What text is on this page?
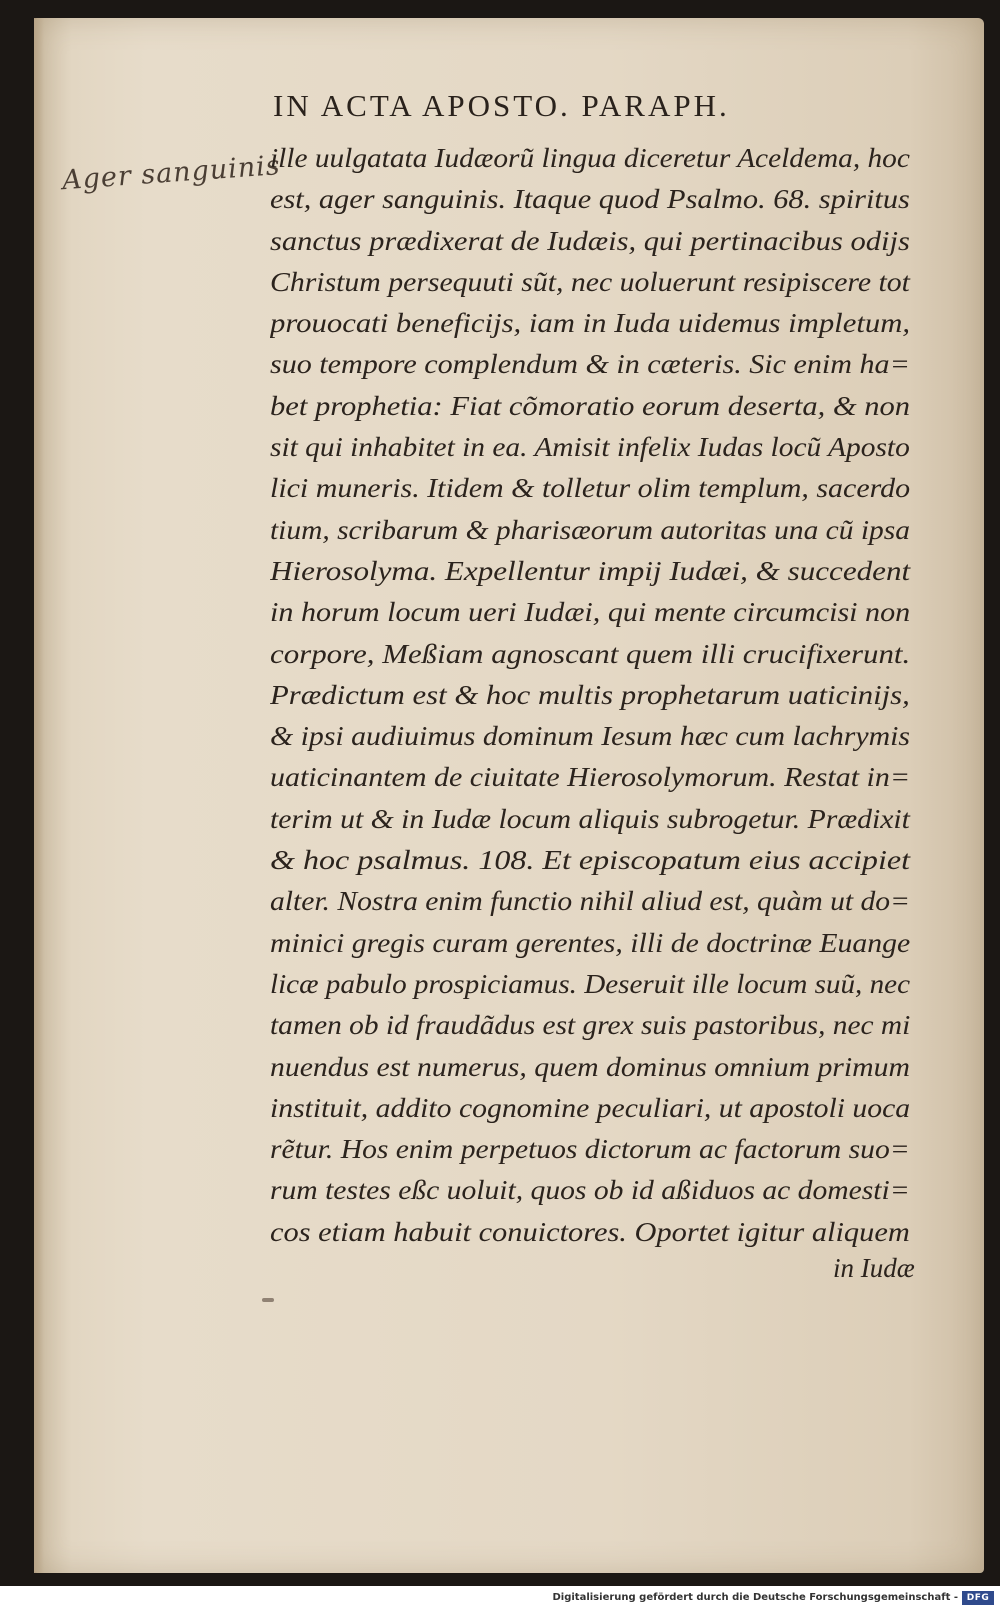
IN ACTA APOSTO. PARAPH.
Ager sanguinis
ille uulgatata Iudæorũ lingua diceretur Aceldema, hoc
est, ager sanguinis. Itaque quod Psalmo. 68. spiritus
sanctus prædixerat de Iudæis, qui pertinacibus odijs
Christum persequuti sũt, nec uoluerunt resipiscere tot
prouocati beneficijs, iam in Iuda uidemus impletum,
suo tempore complendum & in cæteris. Sic enim ha=
bet prophetia: Fiat cõmoratio eorum deserta, & non
sit qui inhabitet in ea. Amisit infelix Iudas locũ Aposto
lici muneris. Itidem & tolletur olim templum, sacerdo
tium, scribarum & pharisæorum autoritas una cũ ipsa
Hierosolyma. Expellentur impij Iudæi, & succedent
in horum locum ueri Iudæi, qui mente circumcisi non
corpore, Meßiam agnoscant quem illi crucifixerunt.
Prædictum est & hoc multis prophetarum uaticinijs,
& ipsi audiuimus dominum Iesum hæc cum lachrymis
uaticinantem de ciuitate Hierosolymorum. Restat in=
terim ut & in Iudæ locum aliquis subrogetur. Prædixit
& hoc psalmus. 108. Et episcopatum eius accipiet
alter. Nostra enim functio nihil aliud est, quàm ut do=
minici gregis curam gerentes, illi de doctrinæ Euange
licæ pabulo prospiciamus. Deseruit ille locum suũ, nec
tamen ob id fraudãdus est grex suis pastoribus, nec mi
nuendus est numerus, quem dominus omnium primum
instituit, addito cognomine peculiari, ut apostoli uoca
rẽtur. Hos enim perpetuos dictorum ac factorum suo=
rum testes eßc uoluit, quos ob id aßiduos ac domesti=
cos etiam habuit conuictores. Oportet igitur aliquem
in Iudæ
Digitalisierung gefördert durch die Deutsche Forschungsgemeinschaft - DFG
